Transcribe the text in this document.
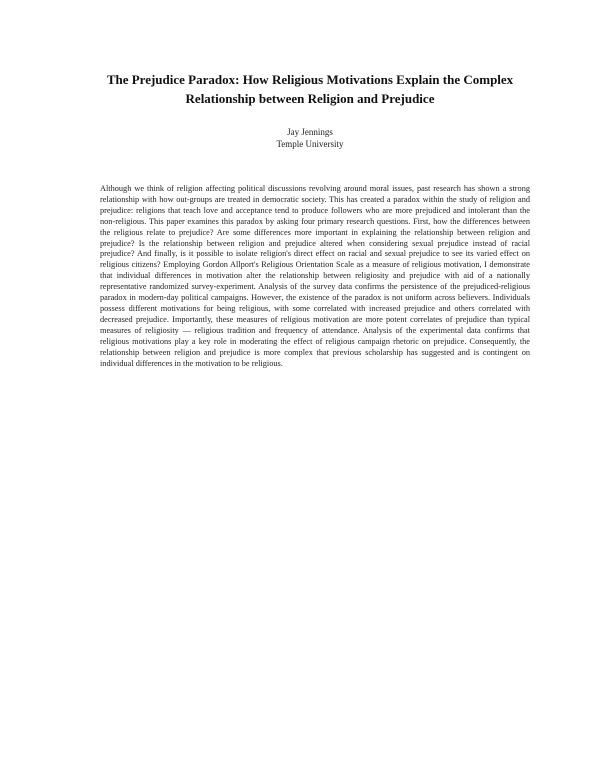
The Prejudice Paradox: How Religious Motivations Explain the Complex Relationship between Religion and Prejudice
Jay Jennings
Temple University

Although we think of religion affecting political discussions revolving around moral issues, past research has shown a strong relationship with how out-groups are treated in democratic society. This has created a paradox within the study of religion and prejudice: religions that teach love and acceptance tend to produce followers who are more prejudiced and intolerant than the non-religious. This paper examines this paradox by asking four primary research questions. First, how the differences between the religious relate to prejudice? Are some differences more important in explaining the relationship between religion and prejudice? Is the relationship between religion and prejudice altered when considering sexual prejudice instead of racial prejudice? And finally, is it possible to isolate religion's direct effect on racial and sexual prejudice to see its varied effect on religious citizens? Employing Gordon Allport's Religious Orientation Scale as a measure of religious motivation, I demonstrate that individual differences in motivation alter the relationship between religiosity and prejudice with aid of a nationally representative randomized survey-experiment. Analysis of the survey data confirms the persistence of the prejudiced-religious paradox in modern-day political campaigns. However, the existence of the paradox is not uniform across believers. Individuals possess different motivations for being religious, with some correlated with increased prejudice and others correlated with decreased prejudice. Importantly, these measures of religious motivation are more potent correlates of prejudice than typical measures of religiosity — religious tradition and frequency of attendance. Analysis of the experimental data confirms that religious motivations play a key role in moderating the effect of religious campaign rhetoric on prejudice. Consequently, the relationship between religion and prejudice is more complex that previous scholarship has suggested and is contingent on individual differences in the motivation to be religious.
